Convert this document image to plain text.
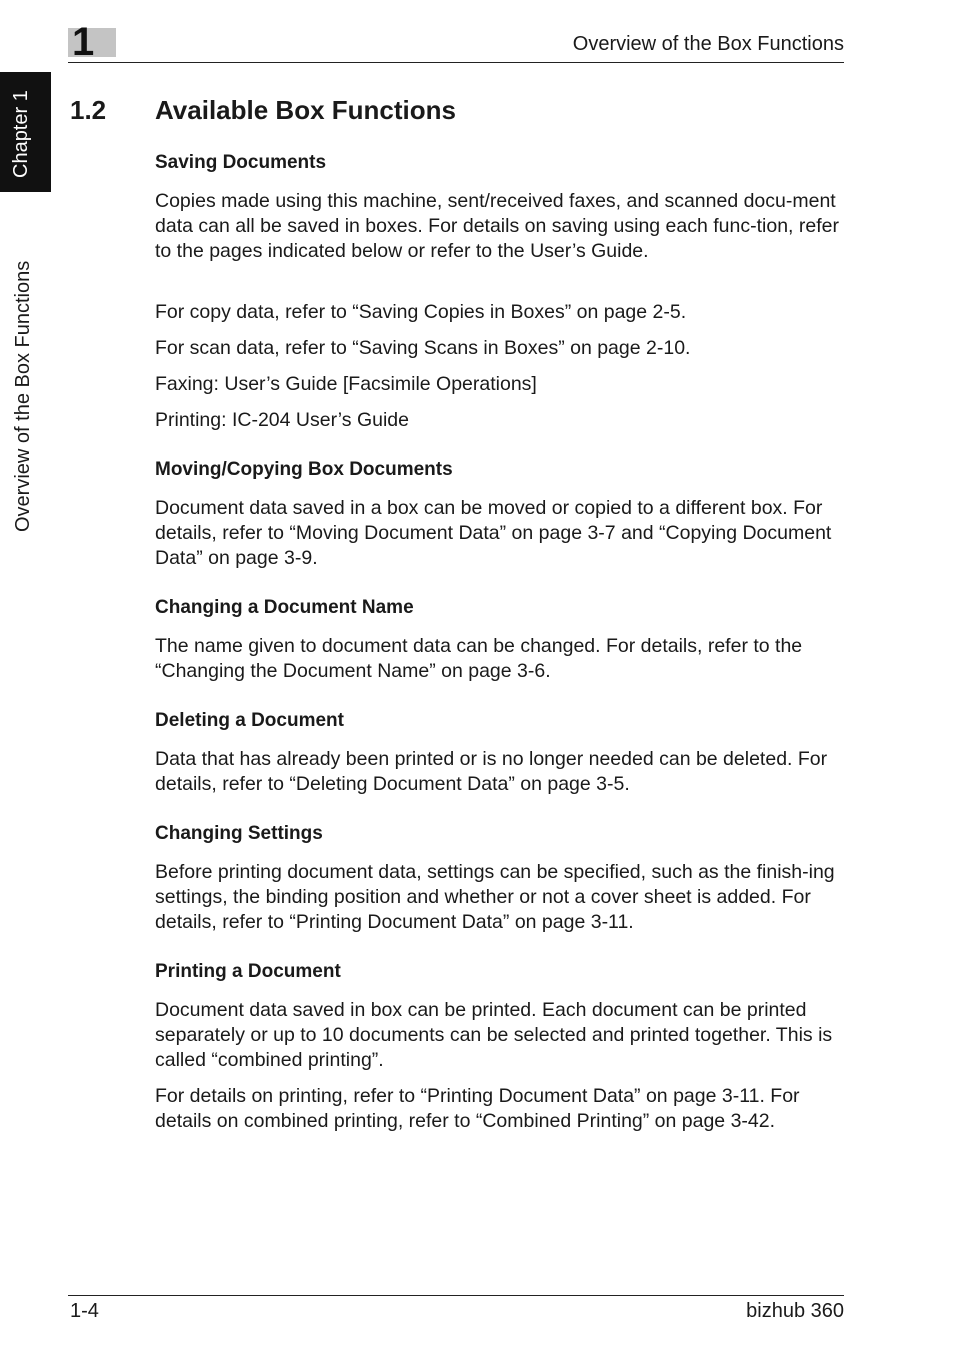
1	Overview of the Box Functions
Chapter 1
Overview of the Box Functions
1.2 Available Box Functions
Saving Documents

Copies made using this machine, sent/received faxes, and scanned docu-ment data can all be saved in boxes. For details on saving using each func-tion, refer to the pages indicated below or refer to the User’s Guide.

For copy data, refer to “Saving Copies in Boxes” on page 2-5.

For scan data, refer to “Saving Scans in Boxes” on page 2-10.

Faxing: User’s Guide [Facsimile Operations]

Printing: IC-204 User’s Guide

Moving/Copying Box Documents

Document data saved in a box can be moved or copied to a different box. For details, refer to “Moving Document Data” on page 3-7 and “Copying Document Data” on page 3-9.

Changing a Document Name

The name given to document data can be changed. For details, refer to the “Changing the Document Name” on page 3-6.

Deleting a Document

Data that has already been printed or is no longer needed can be deleted. For details, refer to “Deleting Document Data” on page 3-5.

Changing Settings

Before printing document data, settings can be specified, such as the finish-ing settings, the binding position and whether or not a cover sheet is added. For details, refer to “Printing Document Data” on page 3-11.

Printing a Document

Document data saved in box can be printed. Each document can be printed separately or up to 10 documents can be selected and printed together. This is called “combined printing”.

For details on printing, refer to “Printing Document Data” on page 3-11. For details on combined printing, refer to “Combined Printing” on page 3-42.

1-4	bizhub 360
